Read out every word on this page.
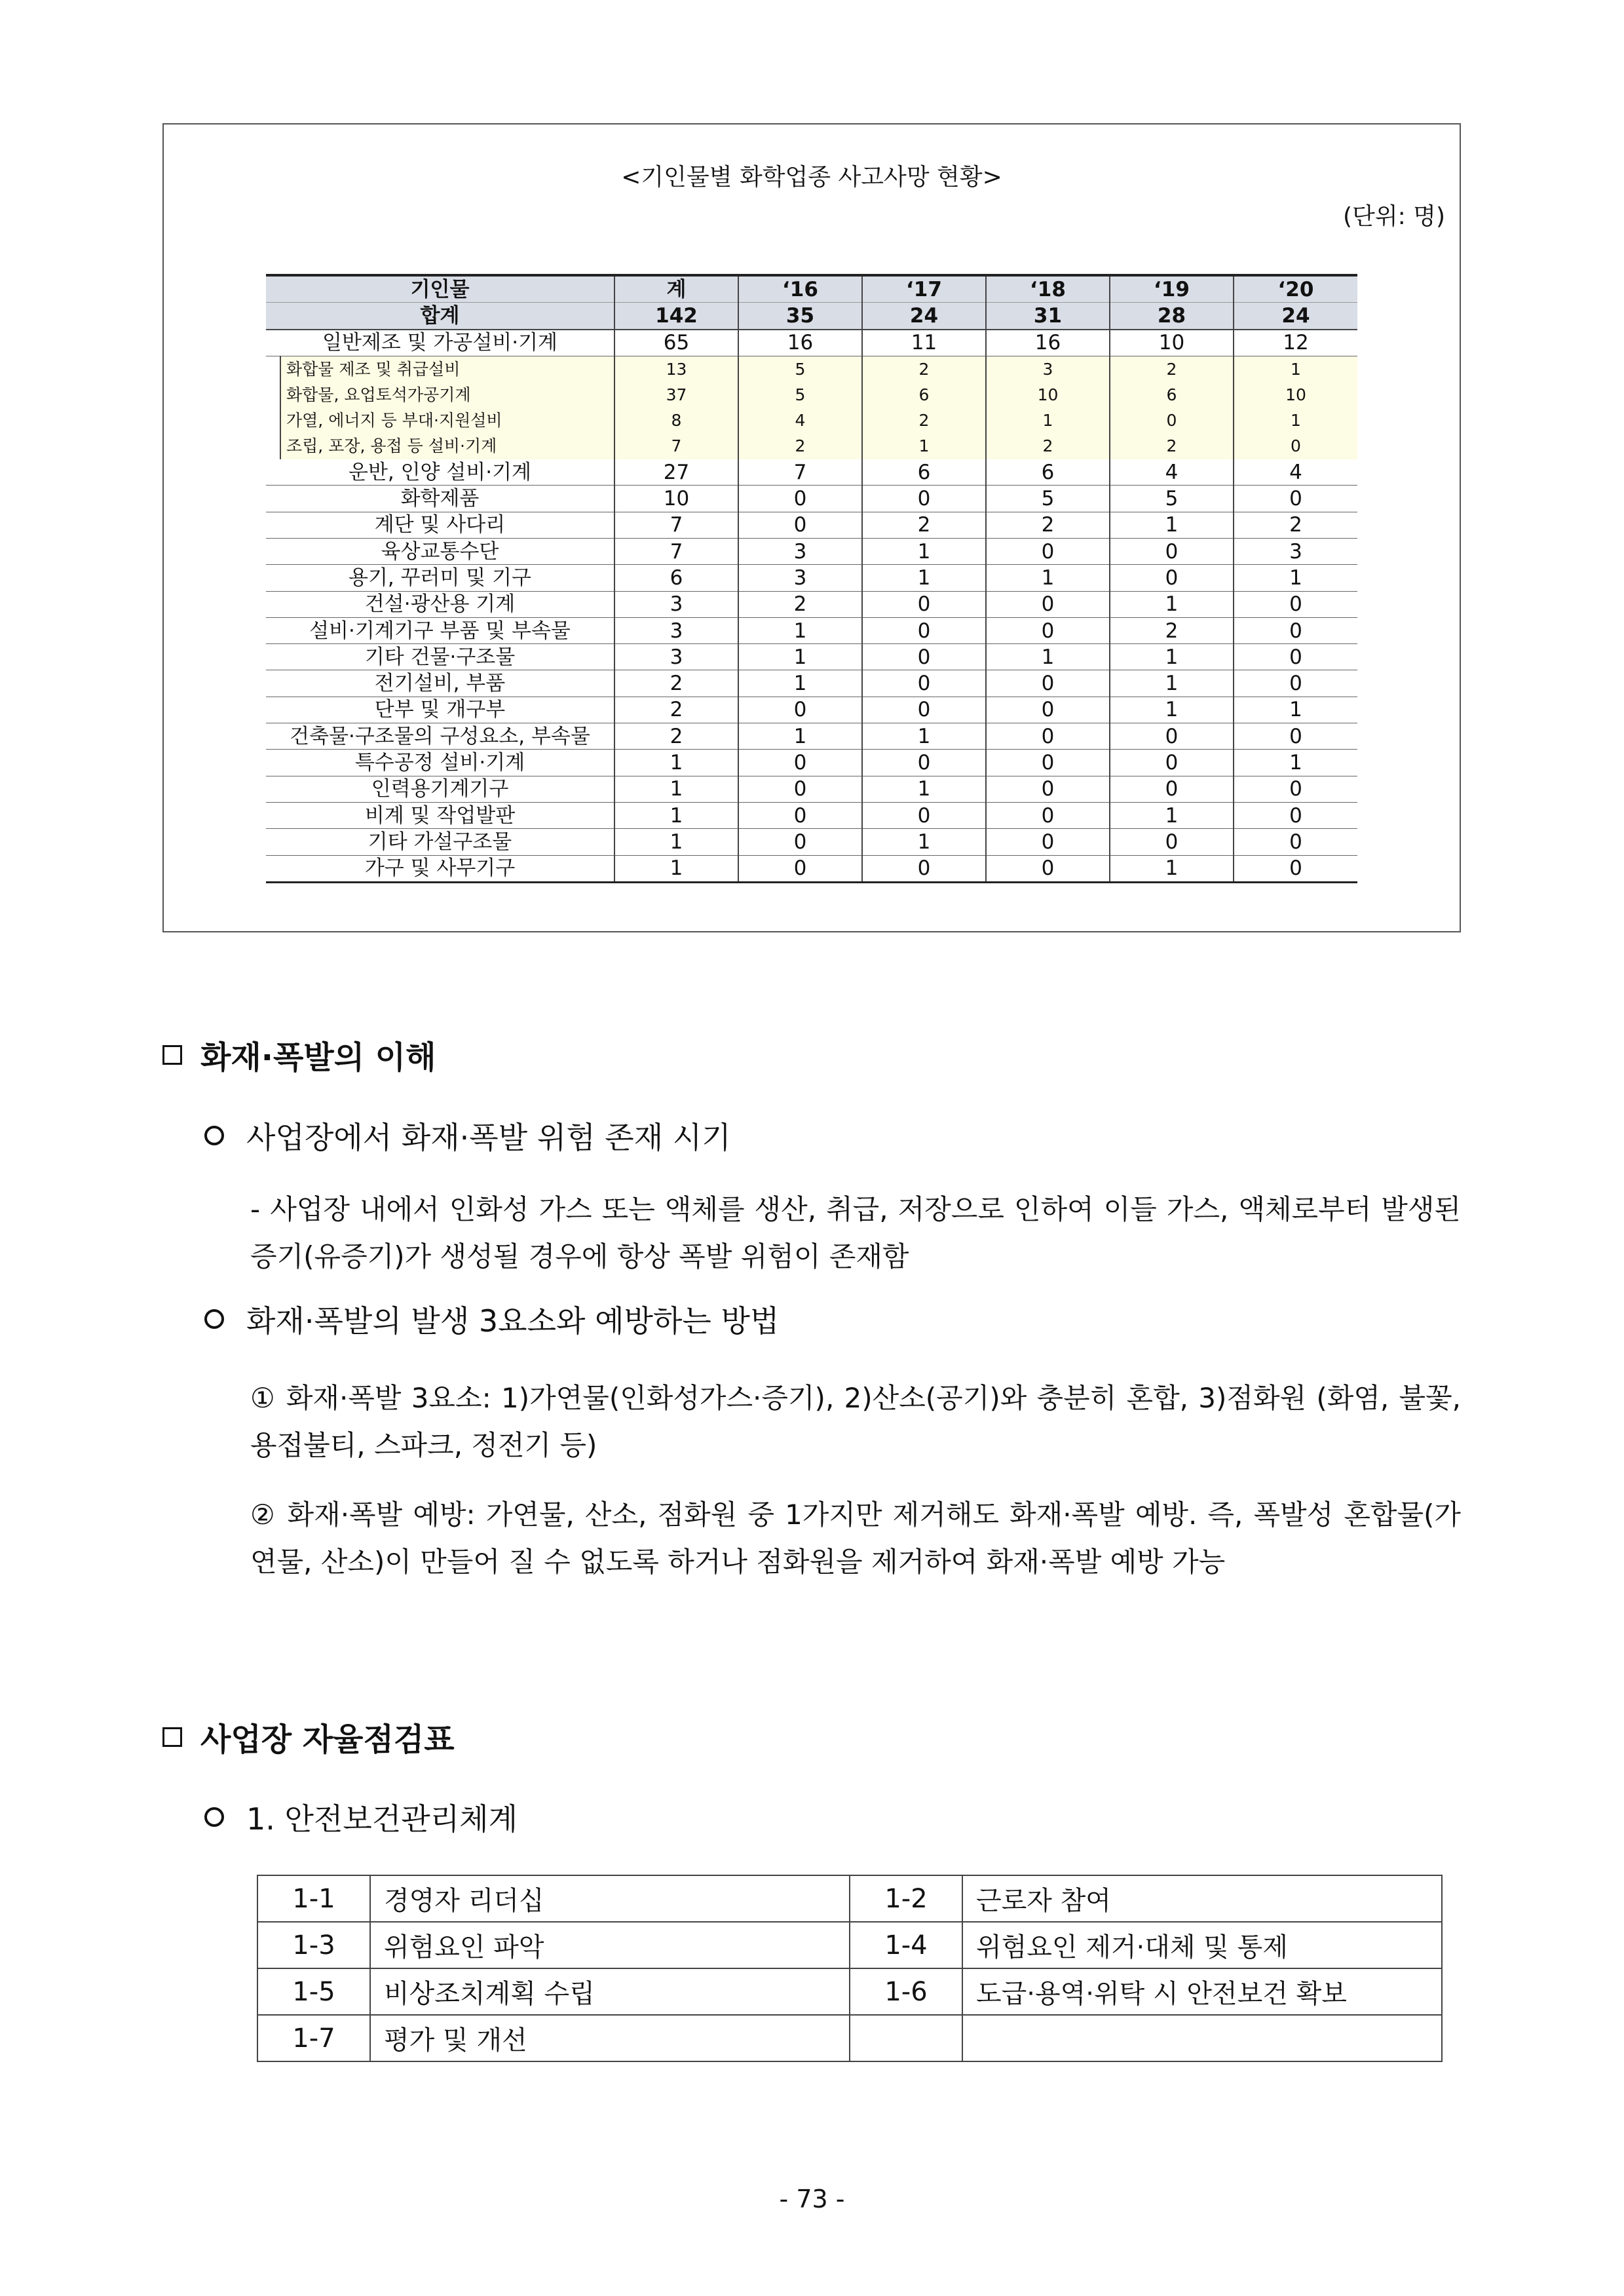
<기인물별 화학업종 사고사망 현황>
(단위: 명)
기인물		계	‘16	‘17	‘18	‘19	‘20
합계		142	35	24	31	28	24
일반제조 및 가공설비·기계		65	16	11	16	10	12
	화합물 제조 및 취급설비	13	5	2	3	2	1
	화합물, 요업토석가공기계	37	5	6	10	6	10
	가열, 에너지 등 부대·지원설비	8	4	2	1	0	1
	조립, 포장, 용접 등 설비·기계	7	2	1	2	2	0
운반, 인양 설비·기계		27	7	6	6	4	4
화학제품		10	0	0	5	5	0
계단 및 사다리		7	0	2	2	1	2
육상교통수단		7	3	1	0	0	3
용기, 꾸러미 및 기구		6	3	1	1	0	1
건설·광산용 기계		3	2	0	0	1	0
설비·기계기구 부품 및 부속물		3	1	0	0	2	0
기타 건물·구조물		3	1	0	1	1	0
전기설비, 부품		2	1	0	0	1	0
단부 및 개구부		2	0	0	0	1	1
건축물·구조물의 구성요소, 부속물		2	1	1	0	0	0
특수공정 설비·기계		1	0	0	0	0	1
인력용기계기구		1	0	1	0	0	0
비계 및 작업발판		1	0	0	0	1	0
기타 가설구조물		1	0	1	0	0	0
가구 및 사무기구		1	0	0	0	1	0
화재·폭발의 이해
사업장에서 화재·폭발 위험 존재 시기
- 사업장 내에서 인화성 가스 또는 액체를 생산, 취급, 저장으로 인하여 이들 가스, 액체로부터 발생된 증기(유증기)가 생성될 경우에 항상 폭발 위험이 존재함
화재·폭발의 발생 3요소와 예방하는 방법
① 화재·폭발 3요소: 1)가연물(인화성가스·증기), 2)산소(공기)와 충분히 혼합, 3)점화원 (화염, 불꽃, 용접불티, 스파크, 정전기 등)
② 화재·폭발 예방: 가연물, 산소, 점화원 중 1가지만 제거해도 화재·폭발 예방. 즉, 폭발성 혼합물(가연물, 산소)이 만들어 질 수 없도록 하거나 점화원을 제거하여 화재·폭발 예방 가능
사업장 자율점검표
1. 안전보건관리체계
1-1	경영자 리더십	1-2	근로자 참여
1-3	위험요인 파악	1-4	위험요인 제거·대체 및 통제
1-5	비상조치계획 수립	1-6	도급·용역·위탁 시 안전보건 확보
1-7	평가 및 개선		
- 73 -
